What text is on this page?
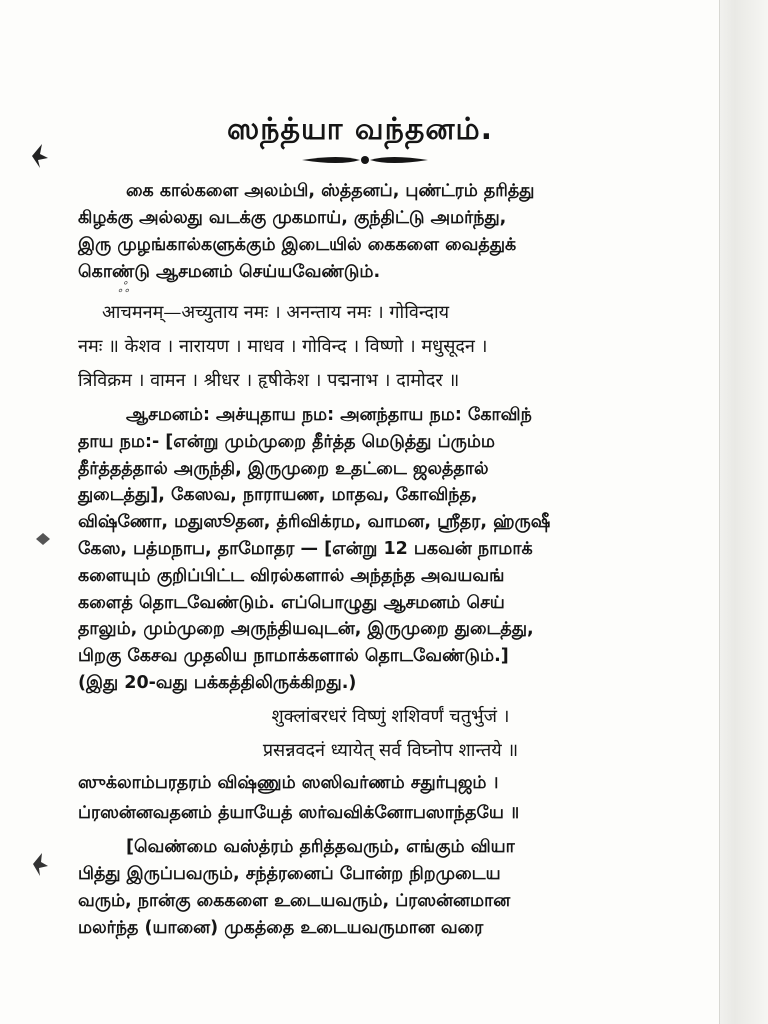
ஸந்த்யா வந்தனம்.

கை கால்களை அலம்பி, ஸ்த்தனப், புண்ட்ரம் தரித்து

கிழக்கு அல்லது வடக்கு முகமாய், குந்திட்டு அமர்ந்து,

இரு முழங்கால்களுக்கும் இடையில் கைகளை வைத்துக்

கொண்டு ஆசமனம் செய்யவேண்டும்.

ஃ

आचमनम्—अच्युताय नमः । अनन्ताय नमः । गोविन्दाय

नमः ॥ केशव । नारायण । माधव । गोविन्द । विष्णो । मधुसूदन ।

त्रिविक्रम । वामन । श्रीधर । हृषीकेश । पद्मनाभ । दामोदर ॥

ஆசமனம்: அச்யுதாய நம: அனந்தாய நம: கோவிந்

தாய நம:- [என்று மும்முறை தீர்த்த மெடுத்து ப்ரும்ம

தீர்த்தத்தால் அருந்தி, இருமுறை உதட்டை ஜலத்தால்

துடைத்து], கேஸவ, நாராயண, மாதவ, கோவிந்த,

விஷ்ணோ, மதுஸூதன, த்ரிவிக்ரம, வாமன, ஸ்ரீதர, ஹ்ருஷீ

கேஸ, பத்மநாப, தாமோதர — [என்று 12 பகவன் நாமாக்

களையும் குறிப்பிட்ட விரல்களால் அந்தந்த அவயவங்

களைத் தொடவேண்டும். எப்பொழுது ஆசமனம் செய்

தாலும், மும்முறை அருந்தியவுடன், இருமுறை துடைத்து,

பிறகு கேசவ முதலிய நாமாக்களால் தொடவேண்டும்.]

(இது 20-வது பக்கத்திலிருக்கிறது.)

शुक्लांबरधरं विष्णुं शशिवर्णं चतुर्भुजं ।

प्रसन्नवदनं ध्यायेत् सर्व विघ्नोप शान्तये ॥

ஸுக்லாம்பரதரம் விஷ்ணும் ஸஸிவர்ணம் சதுர்புஜம் ।

ப்ரஸன்னவதனம் த்யாயேத் ஸர்வவிக்னோபஸாந்தயே ॥

[வெண்மை வஸ்த்ரம் தரித்தவரும், எங்கும் வியா

பித்து இருப்பவரும், சந்த்ரனைப் போன்ற நிறமுடைய

வரும், நான்கு கைகளை உடையவரும், ப்ரஸன்னமான

மலர்ந்த (யானை) முகத்தை உடையவருமான வரை
